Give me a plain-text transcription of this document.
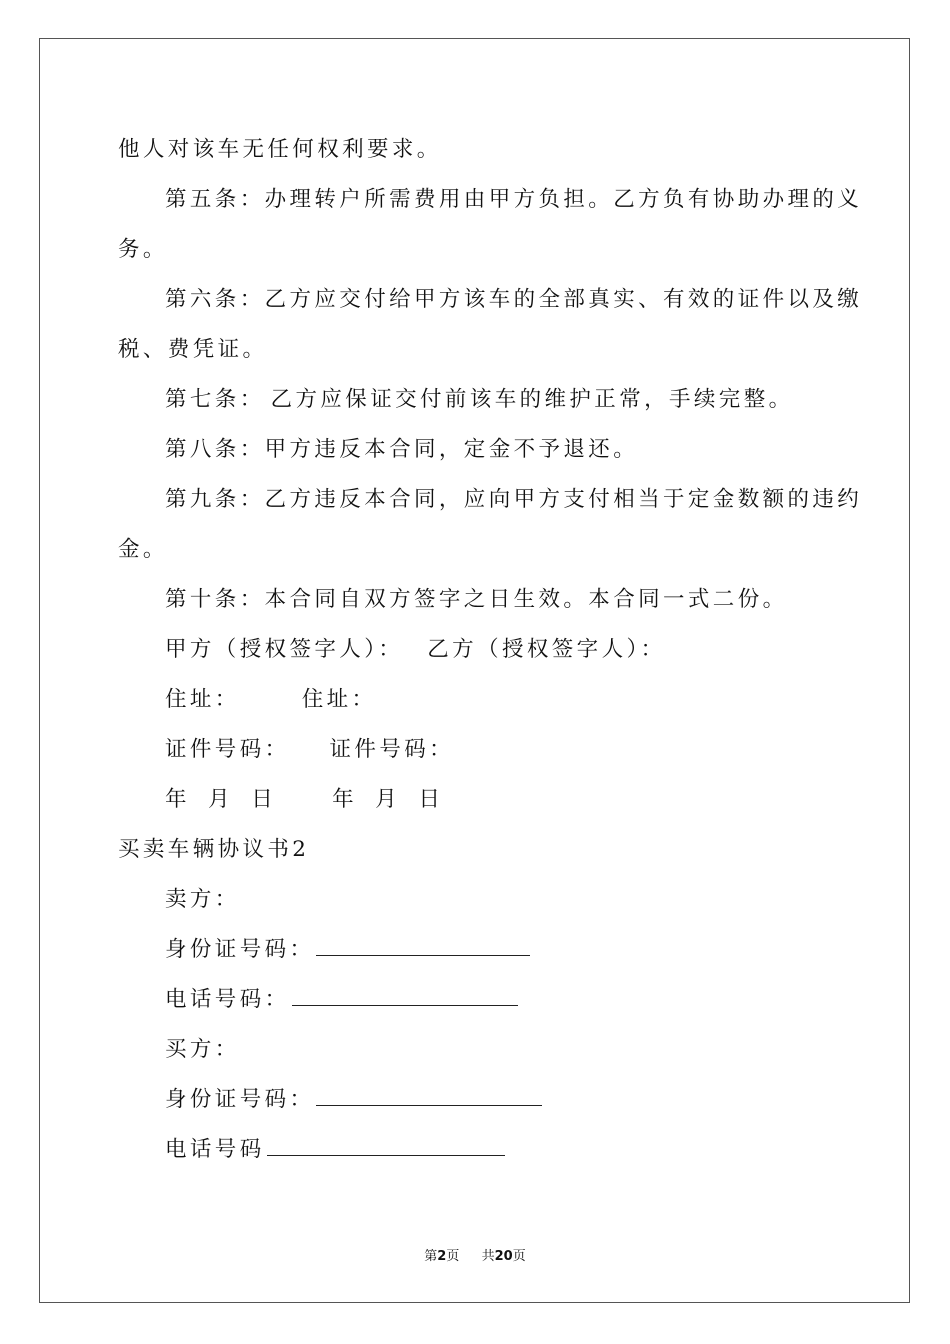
他人对该车无任何权利要求。
第五条：办理转户所需费用由甲方负担。乙方负有协助办理的义
务。
第六条：乙方应交付给甲方该车的全部真实、有效的证件以及缴
税、费凭证。
第七条： 乙方应保证交付前该车的维护正常，手续完整。
第八条：甲方违反本合同，定金不予退还。
第九条：乙方违反本合同，应向甲方支付相当于定金数额的违约
金。
第十条：本合同自双方签字之日生效。本合同一式二份。
甲方（授权签字人）： 乙方（授权签字人）：
住址：	住址：
证件号码： 证件号码：
年 月 日	年 月 日
买卖车辆协议书2
卖方：
身份证号码：
电话号码：
买方：
身份证号码：
电话号码
第2页 共20页
